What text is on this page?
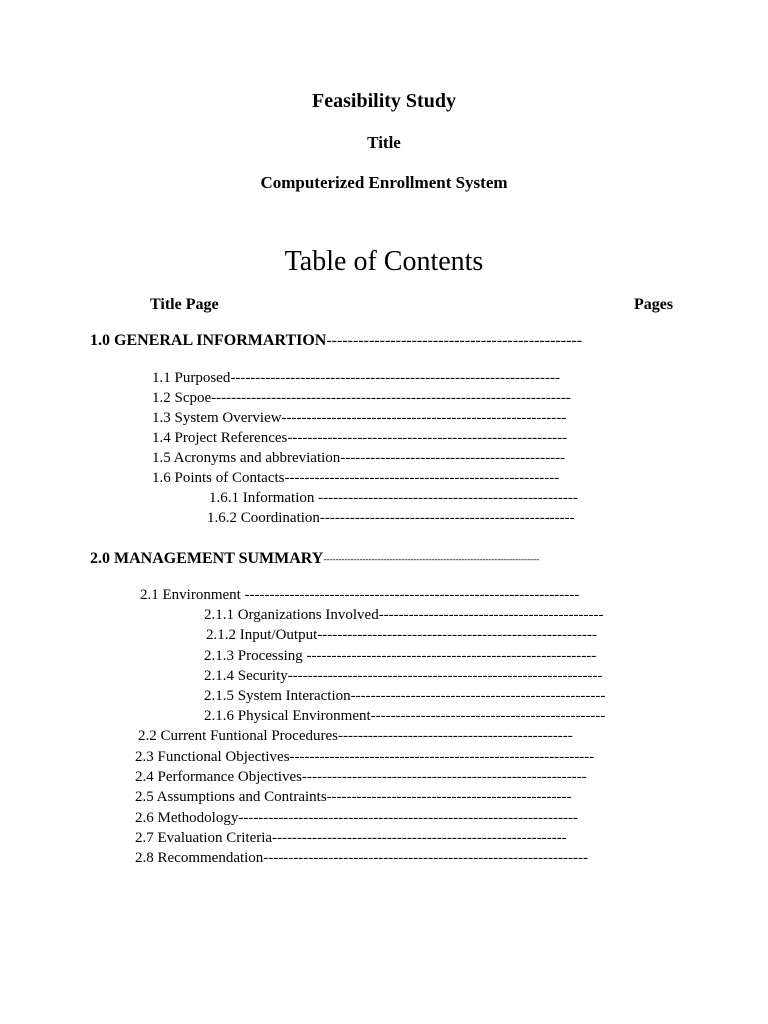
Feasibility Study
Title
Computerized Enrollment System
Table of Contents
Title Page	Pages
1.0 GENERAL INFORMARTION------------------------------------------------
1.1 Purposed------------------------------------------------------------------
1.2 Scpoe------------------------------------------------------------------------
1.3 System Overview---------------------------------------------------------
1.4 Project References--------------------------------------------------------
1.5 Acronyms and abbreviation---------------------------------------------
1.6 Points of Contacts-------------------------------------------------------
1.6.1 Information ----------------------------------------------------
1.6.2 Coordination---------------------------------------------------
2.0 MANAGEMENT SUMMARY------------------------------------------------------------------------
2.1 Environment -------------------------------------------------------------------
2.1.1 Organizations Involved---------------------------------------------
2.1.2 Input/Output--------------------------------------------------------
2.1.3 Processing ----------------------------------------------------------
2.1.4 Security---------------------------------------------------------------
2.1.5 System Interaction---------------------------------------------------
2.1.6 Physical Environment-----------------------------------------------
2.2 Current Funtional Procedures-----------------------------------------------
2.3 Functional Objectives-------------------------------------------------------------
2.4 Performance Objectives---------------------------------------------------------
2.5 Assumptions and Contraints-------------------------------------------------
2.6 Methodology--------------------------------------------------------------------
2.7 Evaluation Criteria-----------------------------------------------------------
2.8 Recommendation-----------------------------------------------------------------
